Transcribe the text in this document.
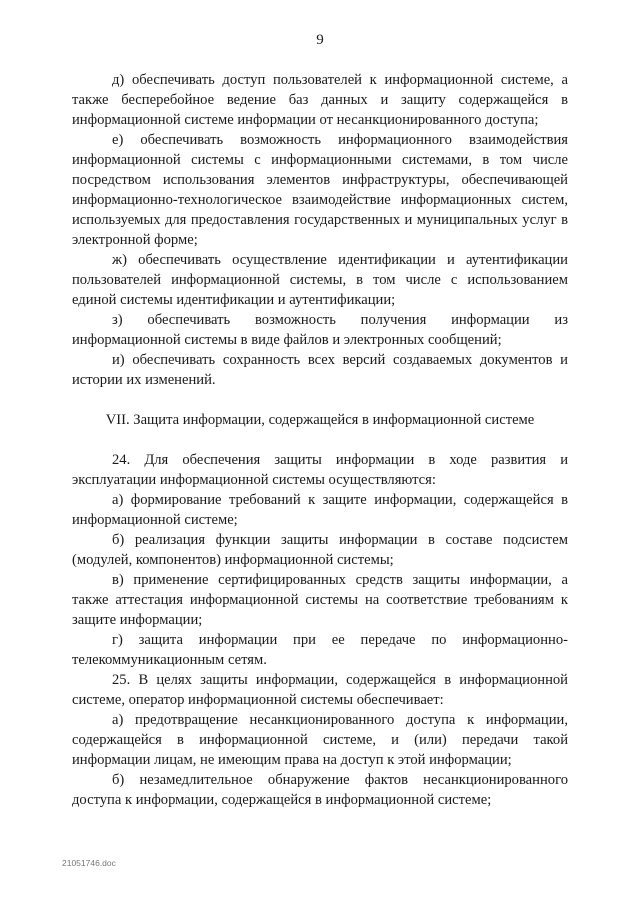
9

д) обеспечивать доступ пользователей к информационной системе, а также бесперебойное ведение баз данных и защиту содержащейся в информационной системе информации от несанкционированного доступа;

е) обеспечивать возможность информационного взаимодействия информационной системы с информационными системами, в том числе посредством использования элементов инфраструктуры, обеспечивающей информационно-технологическое взаимодействие информационных систем, используемых для предоставления государственных и муниципальных услуг в электронной форме;

ж) обеспечивать осуществление идентификации и аутентификации пользователей информационной системы, в том числе с использованием единой системы идентификации и аутентификации;

з) обеспечивать возможность получения информации из информационной системы в виде файлов и электронных сообщений;

и) обеспечивать сохранность всех версий создаваемых документов и истории их изменений.

VII. Защита информации, содержащейся в информационной системе

24. Для обеспечения защиты информации в ходе развития и эксплуатации информационной системы осуществляются:

а) формирование требований к защите информации, содержащейся в информационной системе;

б) реализация функции защиты информации в составе подсистем (модулей, компонентов) информационной системы;

в) применение сертифицированных средств защиты информации, а также аттестация информационной системы на соответствие требованиям к защите информации;

г) защита информации при ее передаче по информационно-телекоммуникационным сетям.

25. В целях защиты информации, содержащейся в информационной системе, оператор информационной системы обеспечивает:

а) предотвращение несанкционированного доступа к информации, содержащейся в информационной системе, и (или) передачи такой информации лицам, не имеющим права на доступ к этой информации;

б) незамедлительное обнаружение фактов несанкционированного доступа к информации, содержащейся в информационной системе;

21051746.doc
